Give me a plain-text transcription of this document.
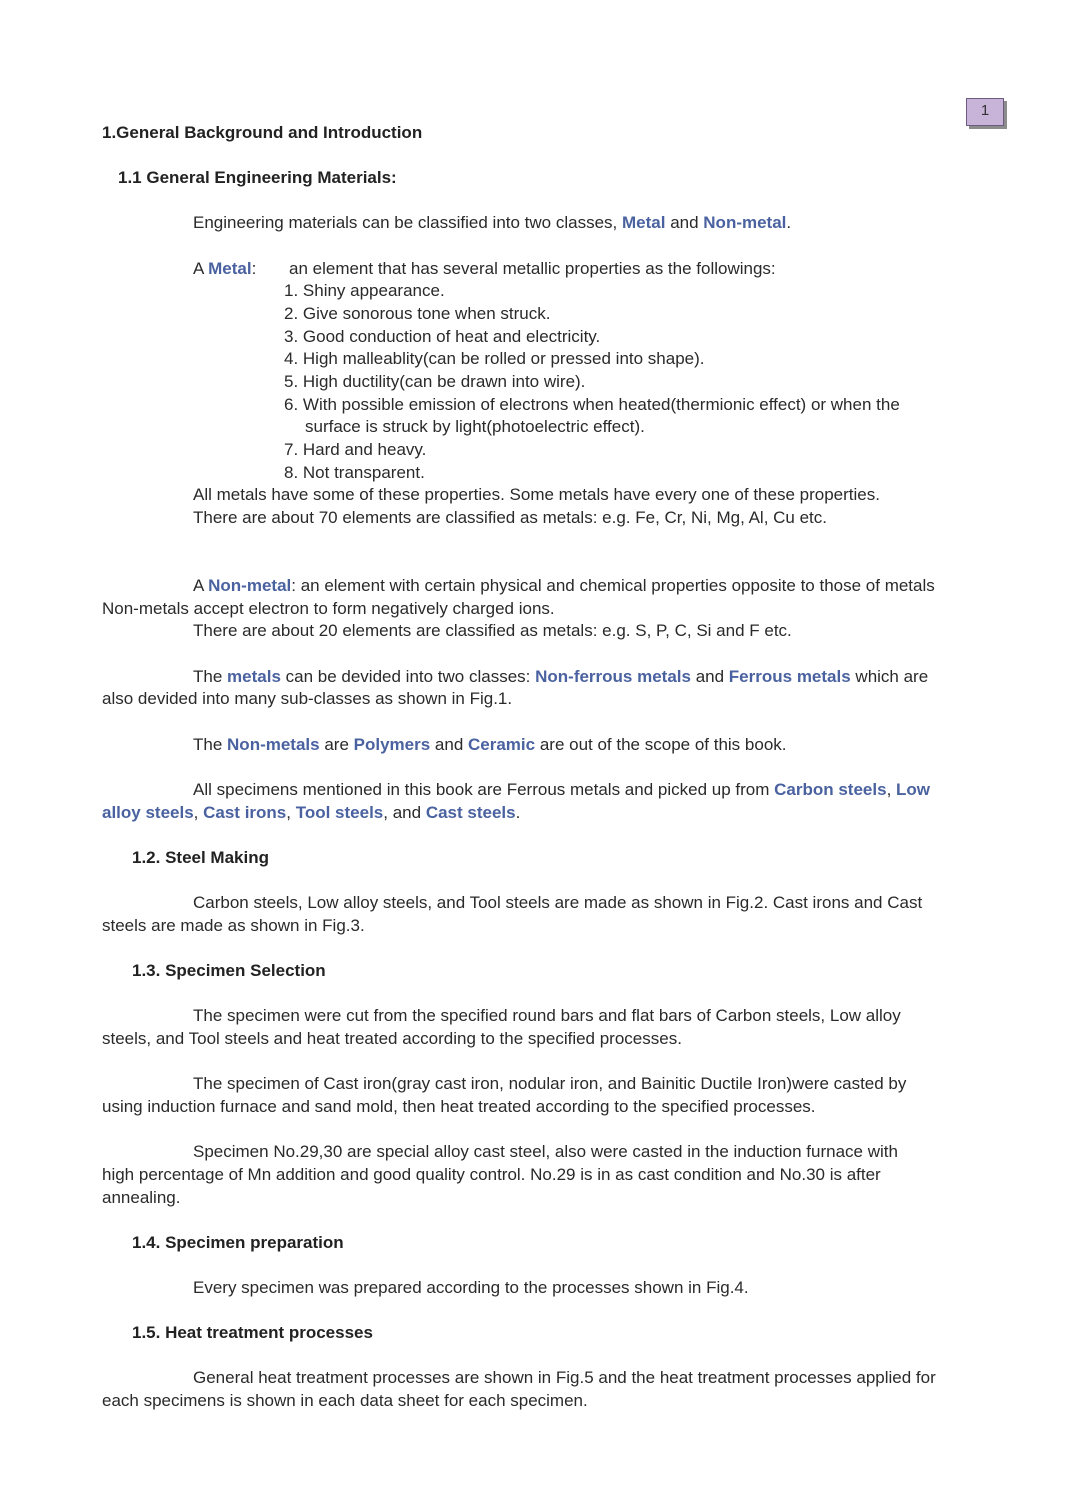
1
1.General Background and Introduction
1.1 General Engineering Materials:
Engineering materials can be classified into two classes, Metal and Non-metal.
A Metal: an element that has several metallic properties as the followings:
1. Shiny appearance.
2. Give sonorous tone when struck.
3. Good conduction of heat and electricity.
4. High malleablity(can be rolled or pressed into shape).
5. High ductility(can be drawn into wire).
6. With possible emission of electrons when heated(thermionic effect) or when the
surface is struck by light(photoelectric effect).
7. Hard and heavy.
8. Not transparent.
All metals have some of these properties. Some metals have every one of these properties.
There are about 70 elements are classified as metals: e.g. Fe, Cr, Ni, Mg, Al, Cu etc.
A Non-metal: an element with certain physical and chemical properties opposite to those of metals
Non-metals accept electron to form negatively charged ions.
There are about 20 elements are classified as metals: e.g. S, P, C, Si and F etc.
The metals can be devided into two classes: Non-ferrous metals and Ferrous metals which are
also devided into many sub-classes as shown in Fig.1.
The Non-metals are Polymers and Ceramic are out of the scope of this book.
All specimens mentioned in this book are Ferrous metals and picked up from Carbon steels, Low
alloy steels, Cast irons, Tool steels, and Cast steels.
1.2. Steel Making
Carbon steels, Low alloy steels, and Tool steels are made as shown in Fig.2. Cast irons and Cast
steels are made as shown in Fig.3.
1.3. Specimen Selection
The specimen were cut from the specified round bars and flat bars of Carbon steels, Low alloy
steels, and Tool steels and heat treated according to the specified processes.
The specimen of Cast iron(gray cast iron, nodular iron, and Bainitic Ductile Iron)were casted by
using induction furnace and sand mold, then heat treated according to the specified processes.
Specimen No.29,30 are special alloy cast steel, also were casted in the induction furnace with
high percentage of Mn addition and good quality control. No.29 is in as cast condition and No.30 is after
annealing.
1.4. Specimen preparation
Every specimen was prepared according to the processes shown in Fig.4.
1.5. Heat treatment processes
General heat treatment processes are shown in Fig.5 and the heat treatment processes applied for
each specimens is shown in each data sheet for each specimen.
